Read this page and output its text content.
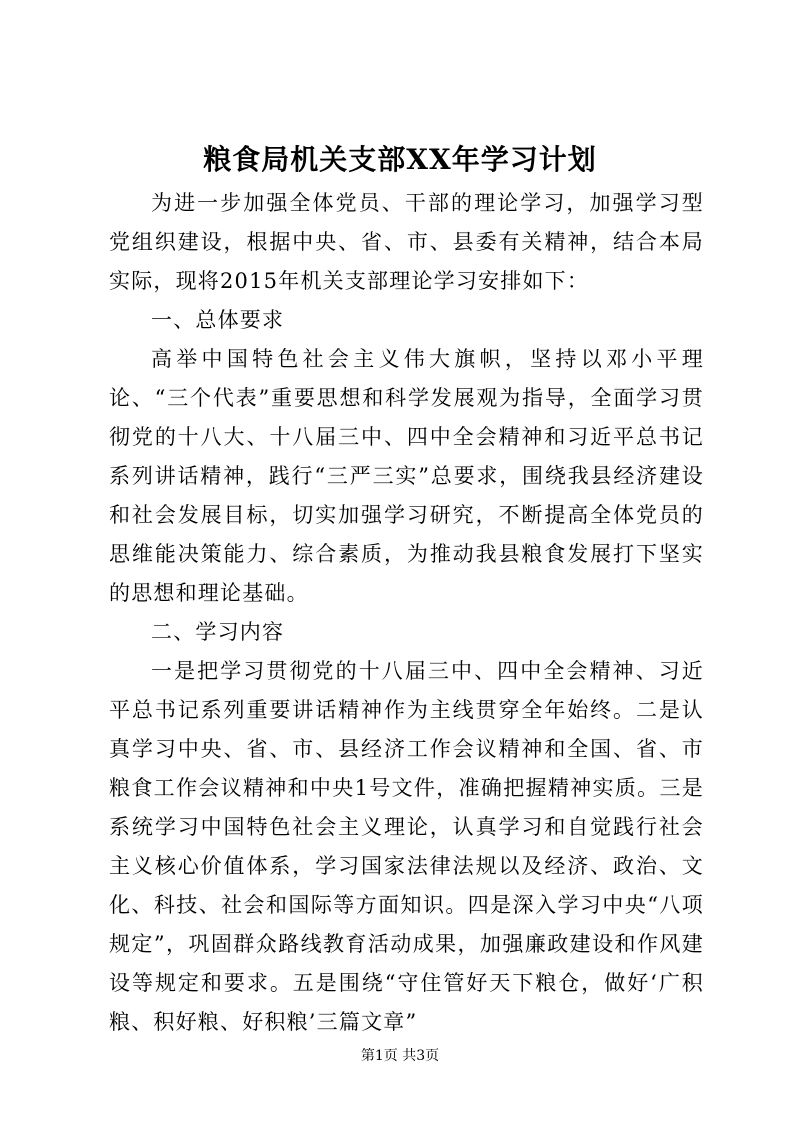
粮食局机关支部XX年学习计划

为进一步加强全体党员、干部的理论学习，加强学习型党组织建设，根据中央、省、市、县委有关精神，结合本局实际，现将2015年机关支部理论学习安排如下：

一、总体要求

高举中国特色社会主义伟大旗帜，坚持以邓小平理论、“三个代表”重要思想和科学发展观为指导，全面学习贯彻党的十八大、十八届三中、四中全会精神和习近平总书记系列讲话精神，践行“三严三实”总要求，围绕我县经济建设和社会发展目标，切实加强学习研究，不断提高全体党员的思维能决策能力、综合素质，为推动我县粮食发展打下坚实的思想和理论基础。

二、学习内容

一是把学习贯彻党的十八届三中、四中全会精神、习近平总书记系列重要讲话精神作为主线贯穿全年始终。二是认真学习中央、省、市、县经济工作会议精神和全国、省、市粮食工作会议精神和中央1号文件，准确把握精神实质。三是系统学习中国特色社会主义理论，认真学习和自觉践行社会主义核心价值体系，学习国家法律法规以及经济、政治、文化、科技、社会和国际等方面知识。四是深入学习中央“八项规定”，巩固群众路线教育活动成果，加强廉政建设和作风建设等规定和要求。五是围绕“守住管好天下粮仓，做好‘广积粮、积好粮、好积粮’三篇文章”

第1页 共3页
